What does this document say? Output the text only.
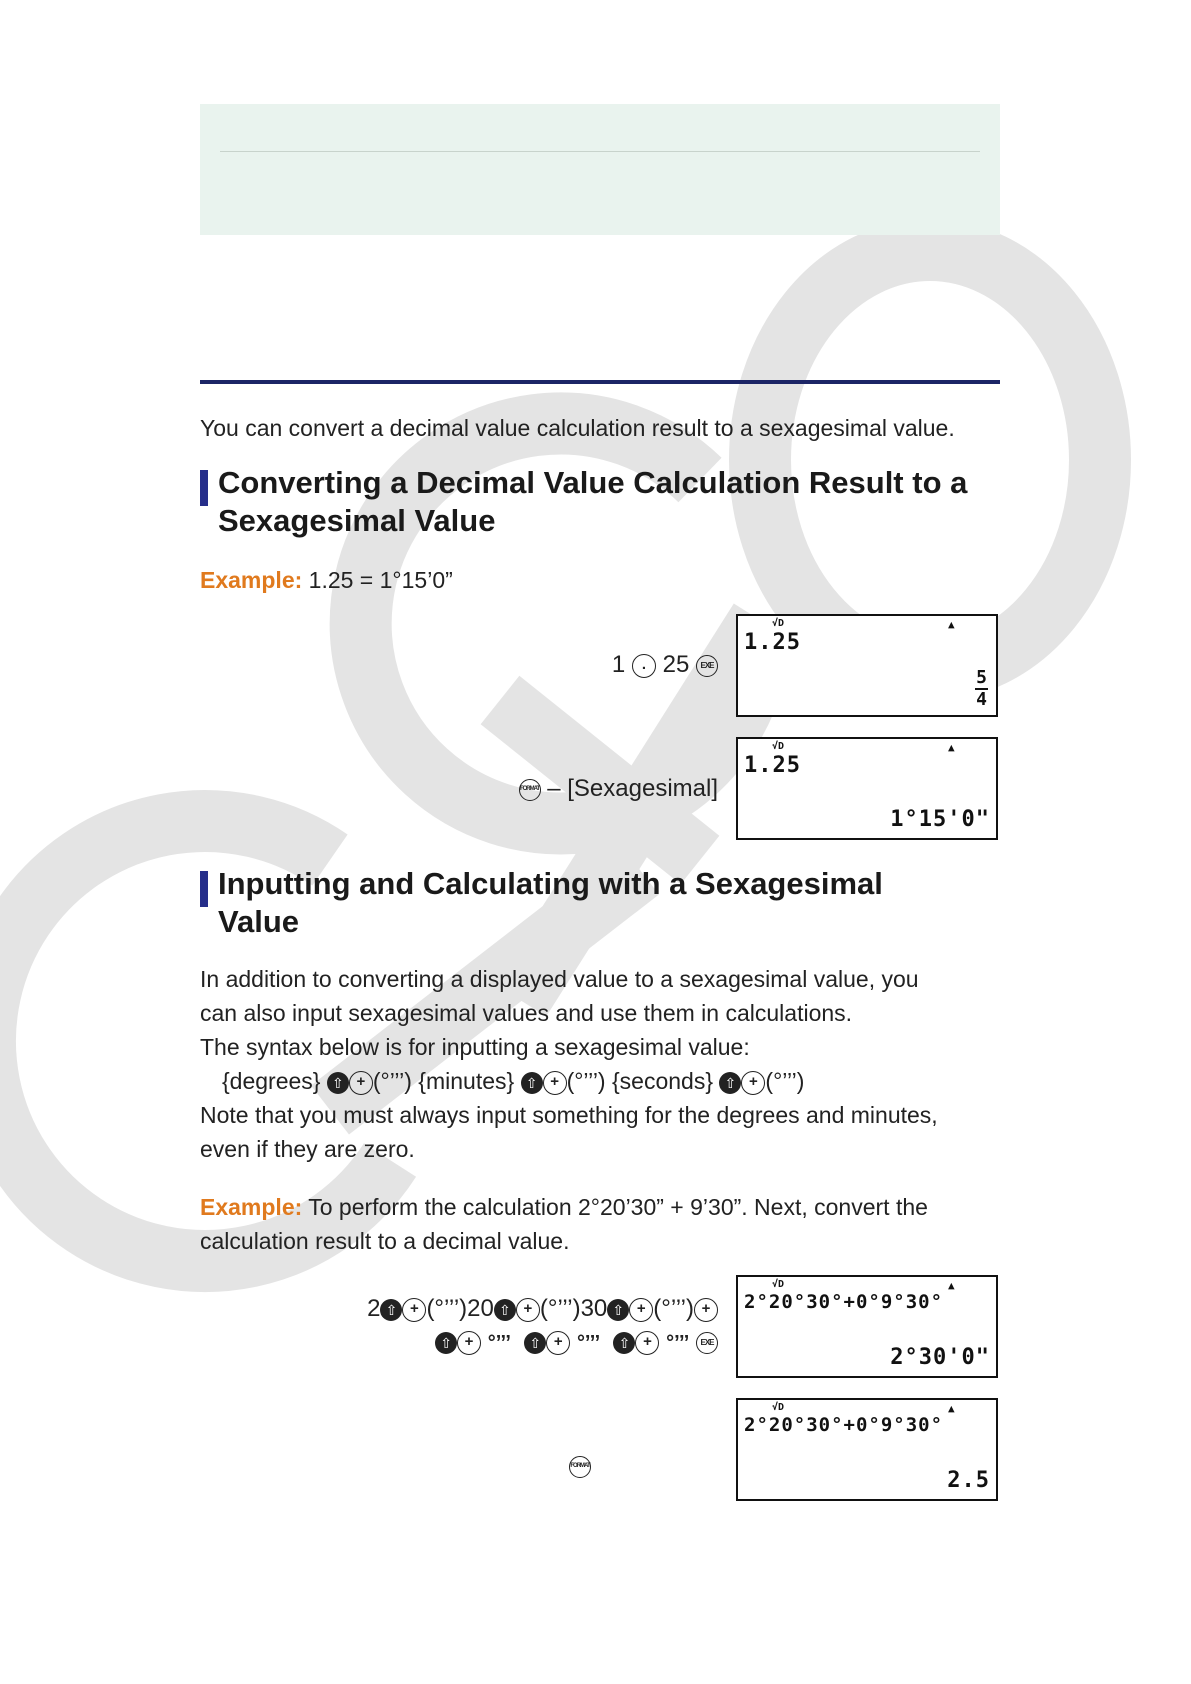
You can convert a decimal value calculation result to a sexagesimal value.

Converting a Decimal Value Calculation Result to a
Sexagesimal Value

Example: 1.25 = 1°15’0”

1 . 25 EXE
√D	▲
1.25
$\frac{5}{4}$
FORMAT – [Sexagesimal]
√D	▲
1.25
1°15'0"
Inputting and Calculating with a Sexagesimal
Value

In addition to converting a displayed value to a sexagesimal value, you

can also input sexagesimal values and use them in calculations.

The syntax below is for inputting a sexagesimal value:

{degrees} ⇧ + (°’’’) {minutes} ⇧ + (°’’’) {seconds} ⇧ + (°’’’)

Note that you must always input something for the degrees and minutes,

even if they are zero.

Example: To perform the calculation 2°20’30” + 9’30”. Next, convert the

calculation result to a decimal value.

2 ⇧ + (°’’’)20 ⇧ + (°’’’)30 ⇧ + (°’’’) +
⇧ + °’’’ ⇧ + °’’’ ⇧ + °’’’ EXE
√D	▲
2°20°30°+0°9°30°
2°30'0"
FORMAT
√D	▲
2°20°30°+0°9°30°
2.5
